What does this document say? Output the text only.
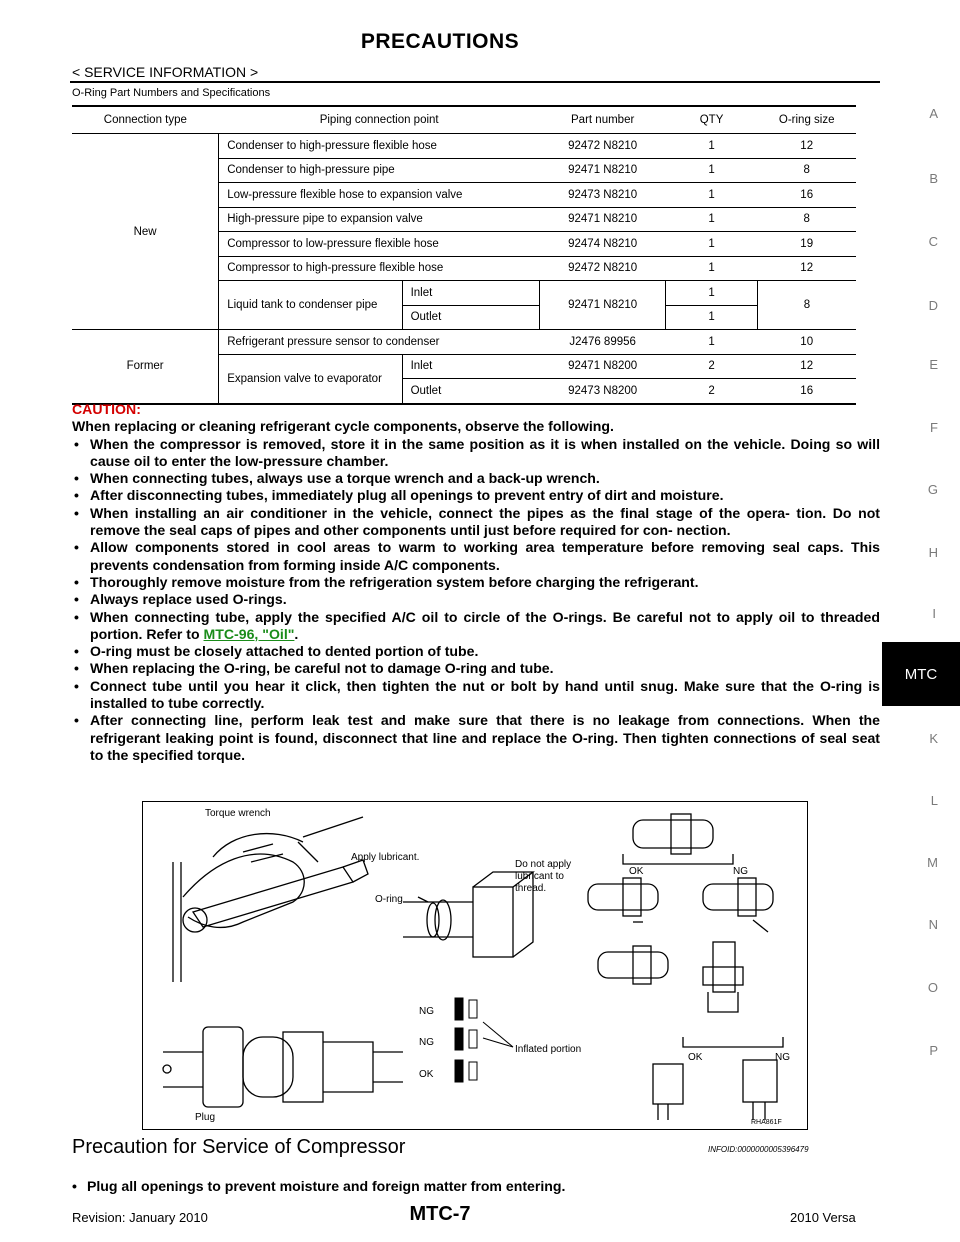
PRECAUTIONS
< SERVICE INFORMATION >
O-Ring Part Numbers and Specifications
A
B
C
D
E
F
G
H
I
MTC
K
L
M
N
O
P
Connection type	Piping connection point		Part number	QTY	O-ring size
New	Condenser to high-pressure flexible hose		92472 N8210	1	12
	Condenser to high-pressure pipe		92471 N8210	1	8
	Low-pressure flexible hose to expansion valve		92473 N8210	1	16
	High-pressure pipe to expansion valve		92471 N8210	1	8
	Compressor to low-pressure flexible hose		92474 N8210	1	19
	Compressor to high-pressure flexible hose		92472 N8210	1	12
	Liquid tank to condenser pipe	Inlet	92471 N8210	1	8
		Outlet		1	
Former	Refrigerant pressure sensor to condenser		J2476 89956	1	10
	Expansion valve to evaporator	Inlet	92471 N8200	2	12
		Outlet	92473 N8200	2	16
CAUTION:
When replacing or cleaning refrigerant cycle components, observe the following.
• When the compressor is removed, store it in the same position as it is when installed on the vehicle. Doing so will cause oil to enter the low-pressure chamber.
• When connecting tubes, always use a torque wrench and a back-up wrench.
• After disconnecting tubes, immediately plug all openings to prevent entry of dirt and moisture.
• When installing an air conditioner in the vehicle, connect the pipes as the final stage of the opera- tion. Do not remove the seal caps of pipes and other components until just before required for con- nection.
• Allow components stored in cool areas to warm to working area temperature before removing seal caps. This prevents condensation from forming inside A/C components.
• Thoroughly remove moisture from the refrigeration system before charging the refrigerant.
• Always replace used O-rings.
• When connecting tube, apply the specified A/C oil to circle of the O-rings. Be careful not to apply oil to threaded portion. Refer to MTC-96, "Oil".
• O-ring must be closely attached to dented portion of tube.
• When replacing the O-ring, be careful not to damage O-ring and tube.
• Connect tube until you hear it click, then tighten the nut or bolt by hand until snug. Make sure that the O-ring is installed to tube correctly.
• After connecting line, perform leak test and make sure that there is no leakage from connections. When the refrigerant leaking point is found, disconnect that line and replace the O-ring. Then tighten connections of seal seat to the specified torque.
Torque wrench
Apply lubricant.
O-ring
Do not apply
lubricant to
thread.
OK	NG
OK	NG
NG
NG
OK
Inflated portion
Plug	RHA861F
Precaution for Service of Compressor	INFOID:0000000005396479
• Plug all openings to prevent moisture and foreign matter from entering.
Revision: January 2010	MTC-7	2010 Versa
